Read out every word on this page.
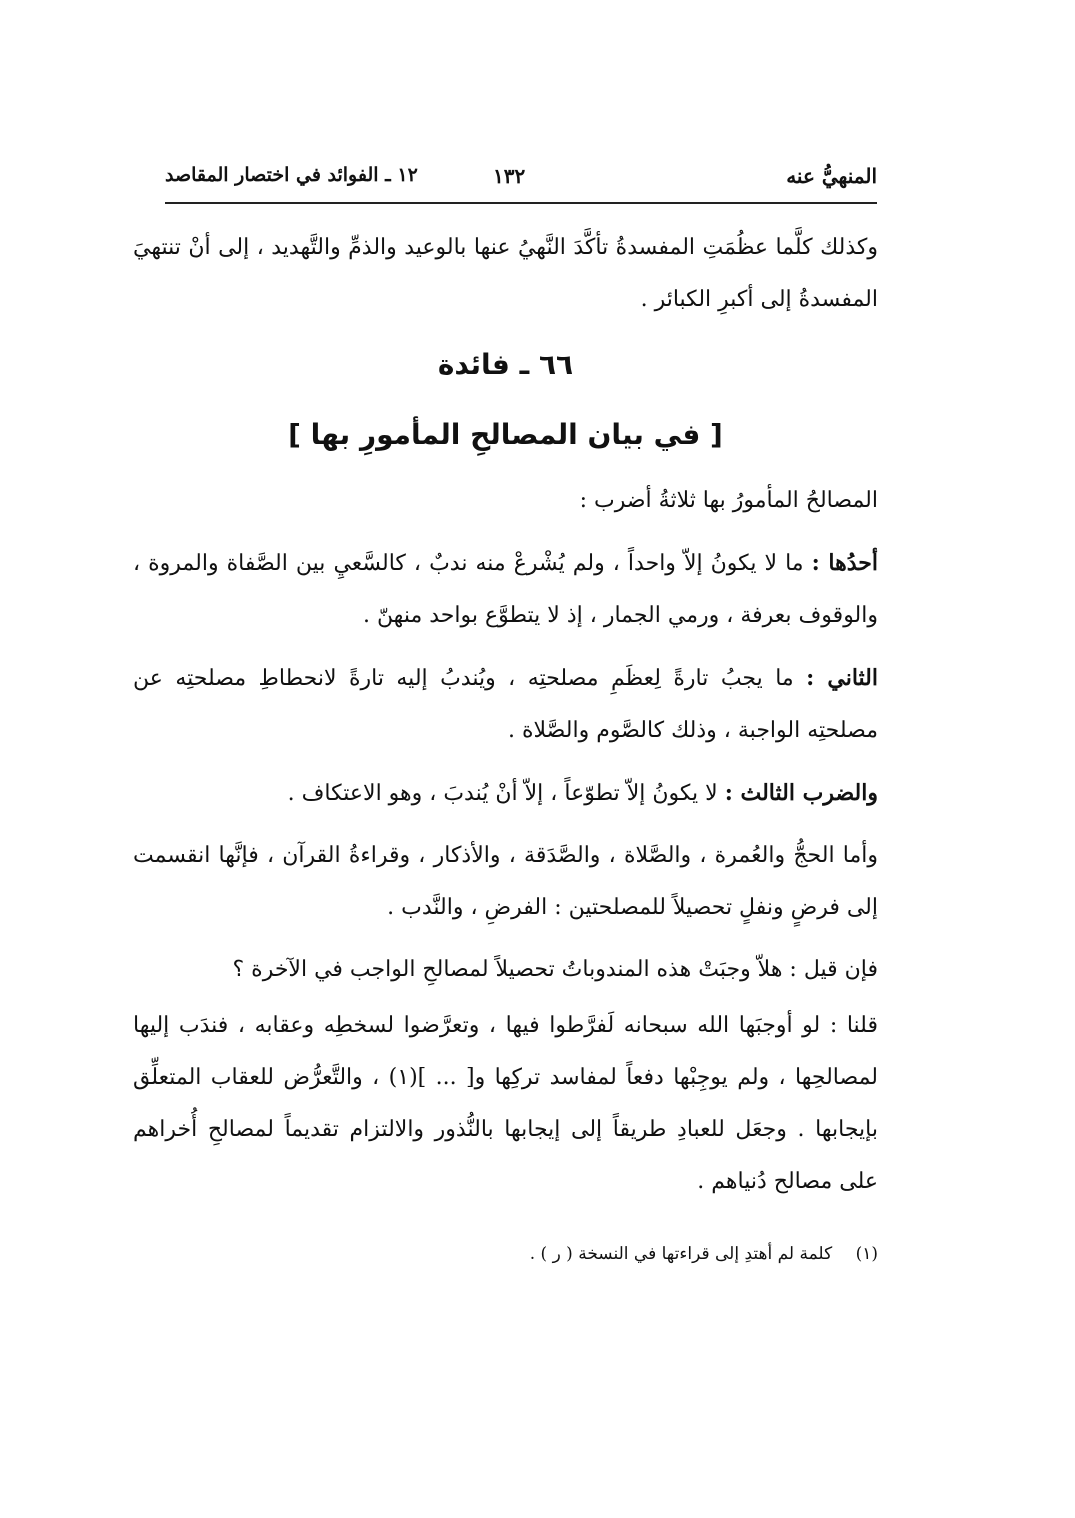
المنهيُّ عنه
١٣٢
١٢ ـ الفوائد في اختصار المقاصد

وكذلك كلَّما عظُمَتِ المفسدةُ تأكَّدَ النَّهيُ عنها بالوعيد والذمِّ والتَّهديد ، إلى أنْ تنتهيَ المفسدةُ إلى أكبرِ الكبائر .

٦٦ ـ فائدة
[ في بيان المصالحِ المأمورِ بها ]

المصالحُ المأمورُ بها ثلاثةُ أضرب :

أحدُها : ما لا يكونُ إلاّ واحداً ، ولم يُشْرعْ منه ندبٌ ، كالسَّعيِ بين الصَّفاة والمروة ، والوقوف بعرفة ، ورمي الجمار ، إذ لا يتطوَّع بواحد منهنّ .

الثاني : ما يجبُ تارةً لِعظَمِ مصلحتِه ، ويُندبُ إليه تارةً لانحطاطِ مصلحتِه عن مصلحتِه الواجبة ، وذلك كالصَّوم والصَّلاة .

والضرب الثالث : لا يكونُ إلاّ تطوّعاً ، إلاّ أنْ يُندبَ ، وهو الاعتكاف .

وأما الحجُّ والعُمرة ، والصَّلاة ، والصَّدَقة ، والأذكار ، وقراءةُ القرآن ، فإنَّها انقسمت إلى فرضٍ ونفلٍ تحصيلاً للمصلحتين : الفرضِ ، والنَّدب .

فإن قيل : هلاّ وجبَتْ هذه المندوباتُ تحصيلاً لمصالحِ الواجب في الآخرة ؟

قلنا : لو أوجبَها الله سبحانه لَفرَّطوا فيها ، وتعرَّضوا لسخطِه وعقابه ، فندَب إليها لمصالحِها ، ولم يوجِبْها دفعاً لمفاسد تركِها و[ ... ](١) ، والتَّعرُّض للعقاب المتعلِّق بإيجابها . وجعَل للعبادِ طريقاً إلى إيجابها بالنُّذور والالتزام تقديماً لمصالحِ أُخراهم على مصالح دُنياهم .

(١) كلمة لم أهتدِ إلى قراءتها في النسخة ( ر ) .
